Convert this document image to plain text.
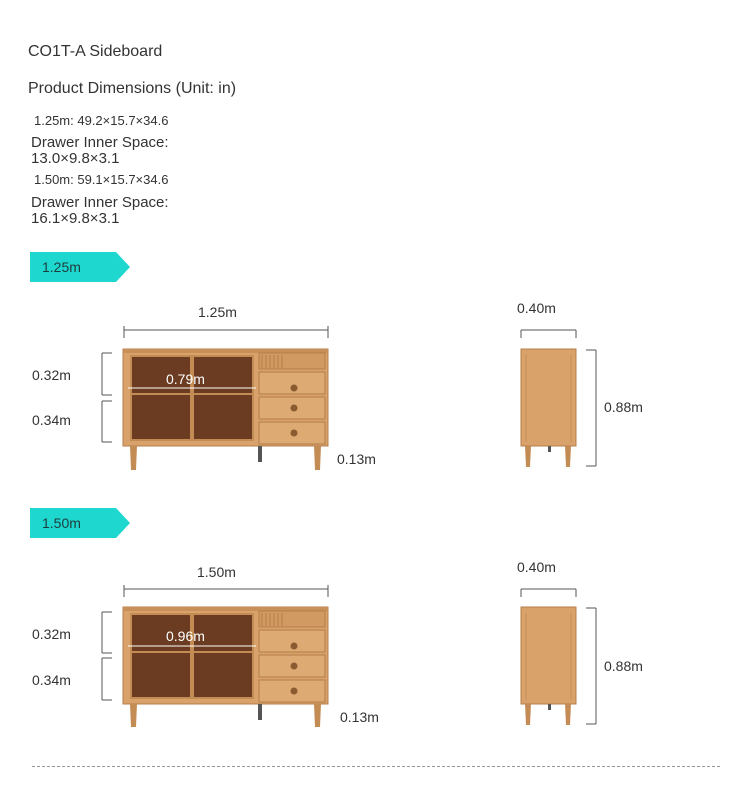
CO1T-A Sideboard
Product Dimensions (Unit: in)
1.25m: 49.2×15.7×34.6
Drawer Inner Space:
13.0×9.8×3.1
1.50m: 59.1×15.7×34.6
Drawer Inner Space:
16.1×9.8×3.1
1.25m
1.25m
0.32m
0.34m
0.79m
0.13m
0.40m
0.88m
1.50m
1.50m
0.32m
0.34m
0.96m
0.13m
0.40m
0.88m
